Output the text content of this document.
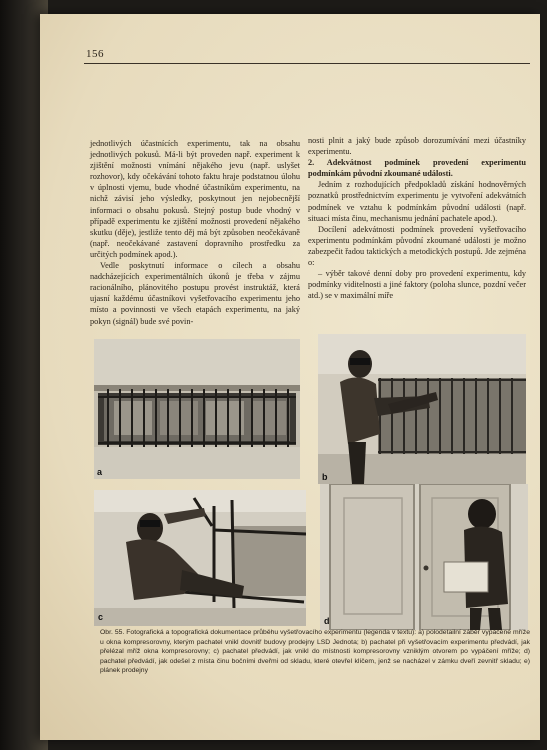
156

jednotlivých účastnících experimentu, tak na obsahu jednotlivých pokusů. Má-li být proveden např. experiment k zjištění možnosti vnímání nějakého jevu (např. uslyšet rozhovor), kdy očekávání tohoto faktu hraje podstatnou úlohu v úplnosti vjemu, bude vhodné účastníkům experimentu, na nichž závisí jeho výsledky, poskytnout jen nejobecnější informaci o obsahu pokusů. Stejný postup bude vhodný v případě experimentu ke zjištění možnosti provedení nějakého skutku (děje), jestliže tento děj má být způsoben neočekávaně (např. neočekávané zastavení dopravního prostředku za určitých podmínek apod.).

Vedle poskytnutí informace o cílech a obsahu nadcházejících experimentálních úkonů je třeba v zájmu racionálního, plánovitého postupu provést instruktáž, která ujasní každému účastníkovi vyšetřovacího experimentu jeho místo a povinnosti ve všech etapách experimentu, na jaký pokyn (signál) bude své povin-

nosti plnit a jaký bude způsob dorozumívání mezi účastníky experimentu.

2. Adekvátnost podmínek provedení experimentu podmínkám původní zkoumané události.

Jedním z rozhodujících předpokladů získání hodnověrných poznatků prostřednictvím experimentu je vytvoření adekvátních podmínek ve vztahu k podmínkám původní události (např. situaci místa činu, mechanismu jednání pachatele apod.).

Docílení adekvátnosti podmínek provedení vyšetřovacího experimentu podmínkám původní zkoumané události je možno zabezpečit řadou taktických a metodických postupů. Jde zejména o:

– výběr takové denní doby pro provedení experimentu, kdy podmínky viditelnosti a jiné faktory (poloha slunce, pozdní večer atd.) se v maximální míře

a	b
c	d
Obr. 55. Fotografická a topografická dokumentace průběhu vyšetřovacího experimentu (legenda v textu): a) polodetailní záběr vypáčené mříže u okna kompresorovny, kterým pachatel vnikl dovnitř budovy prodejny LSD Jednota; b) pachatel při vyšetřovacím experimentu předvádí, jak přelézal mříž okna kompresorovny; c) pachatel předvádí, jak vnikl do místnosti kompresorovny vzniklým otvorem po vypáčení mříže; d) pachatel předvádí, jak odešel z místa činu bočními dveřmi od skladu, které otevřel klíčem, jenž se nacházel v zámku dveří zevnitř skladu; e) plánek prodejny
